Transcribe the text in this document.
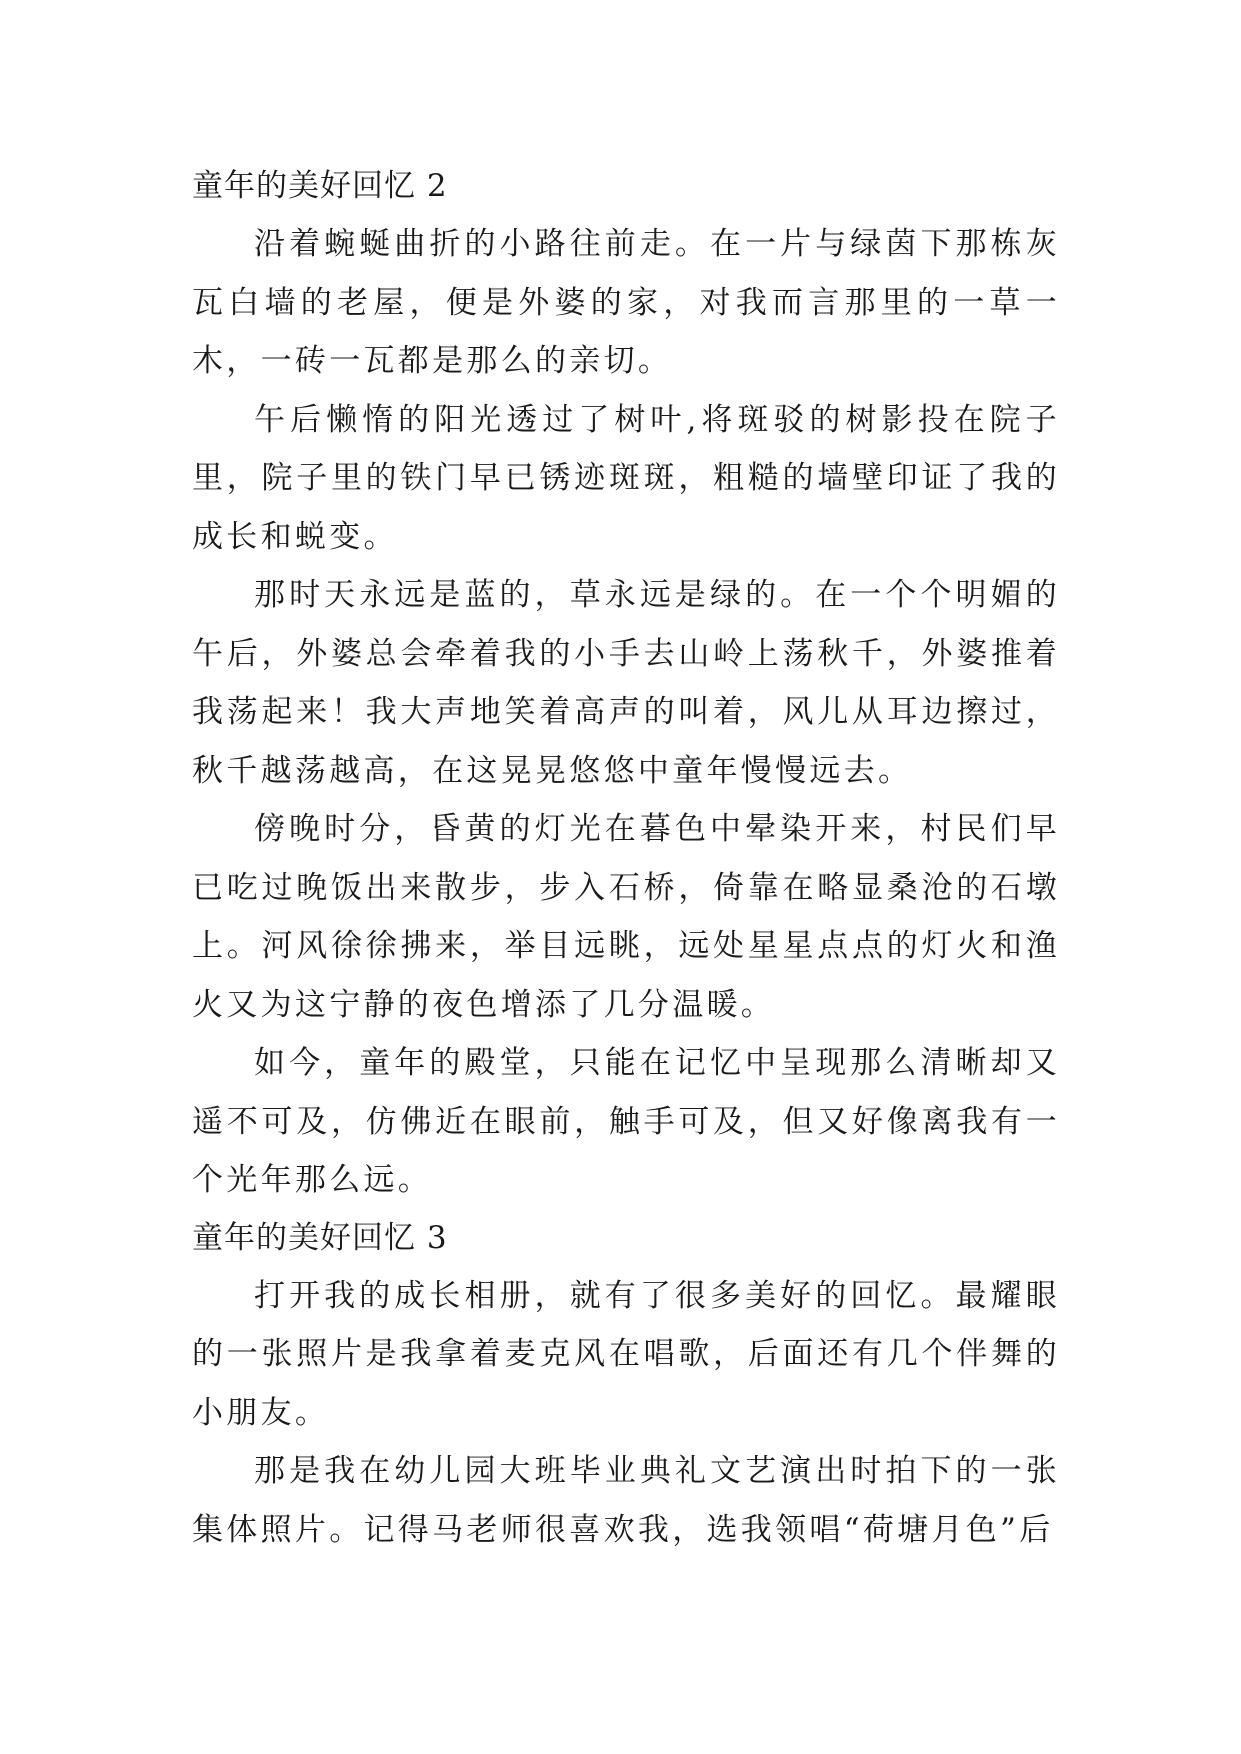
童年的美好回忆 2

沿着蜿蜒曲折的小路往前走。在一片与绿茵下那栋灰瓦白墙的老屋，便是外婆的家，对我而言那里的一草一木，一砖一瓦都是那么的亲切。

午后懒惰的阳光透过了树叶,将斑驳的树影投在院子里，院子里的铁门早已锈迹斑斑，粗糙的墙壁印证了我的成长和蜕变。

那时天永远是蓝的，草永远是绿的。在一个个明媚的午后，外婆总会牵着我的小手去山岭上荡秋千，外婆推着我荡起来！我大声地笑着高声的叫着，风儿从耳边擦过，秋千越荡越高，在这晃晃悠悠中童年慢慢远去。

傍晚时分，昏黄的灯光在暮色中晕染开来，村民们早已吃过晚饭出来散步，步入石桥，倚靠在略显桑沧的石墩上。河风徐徐拂来，举目远眺，远处星星点点的灯火和渔火又为这宁静的夜色增添了几分温暖。

如今，童年的殿堂，只能在记忆中呈现那么清晰却又遥不可及，仿佛近在眼前，触手可及，但又好像离我有一个光年那么远。

童年的美好回忆 3

打开我的成长相册，就有了很多美好的回忆。最耀眼的一张照片是我拿着麦克风在唱歌，后面还有几个伴舞的小朋友。

那是我在幼儿园大班毕业典礼文艺演出时拍下的一张集体照片。记得马老师很喜欢我，选我领唱“荷塘月色”后
